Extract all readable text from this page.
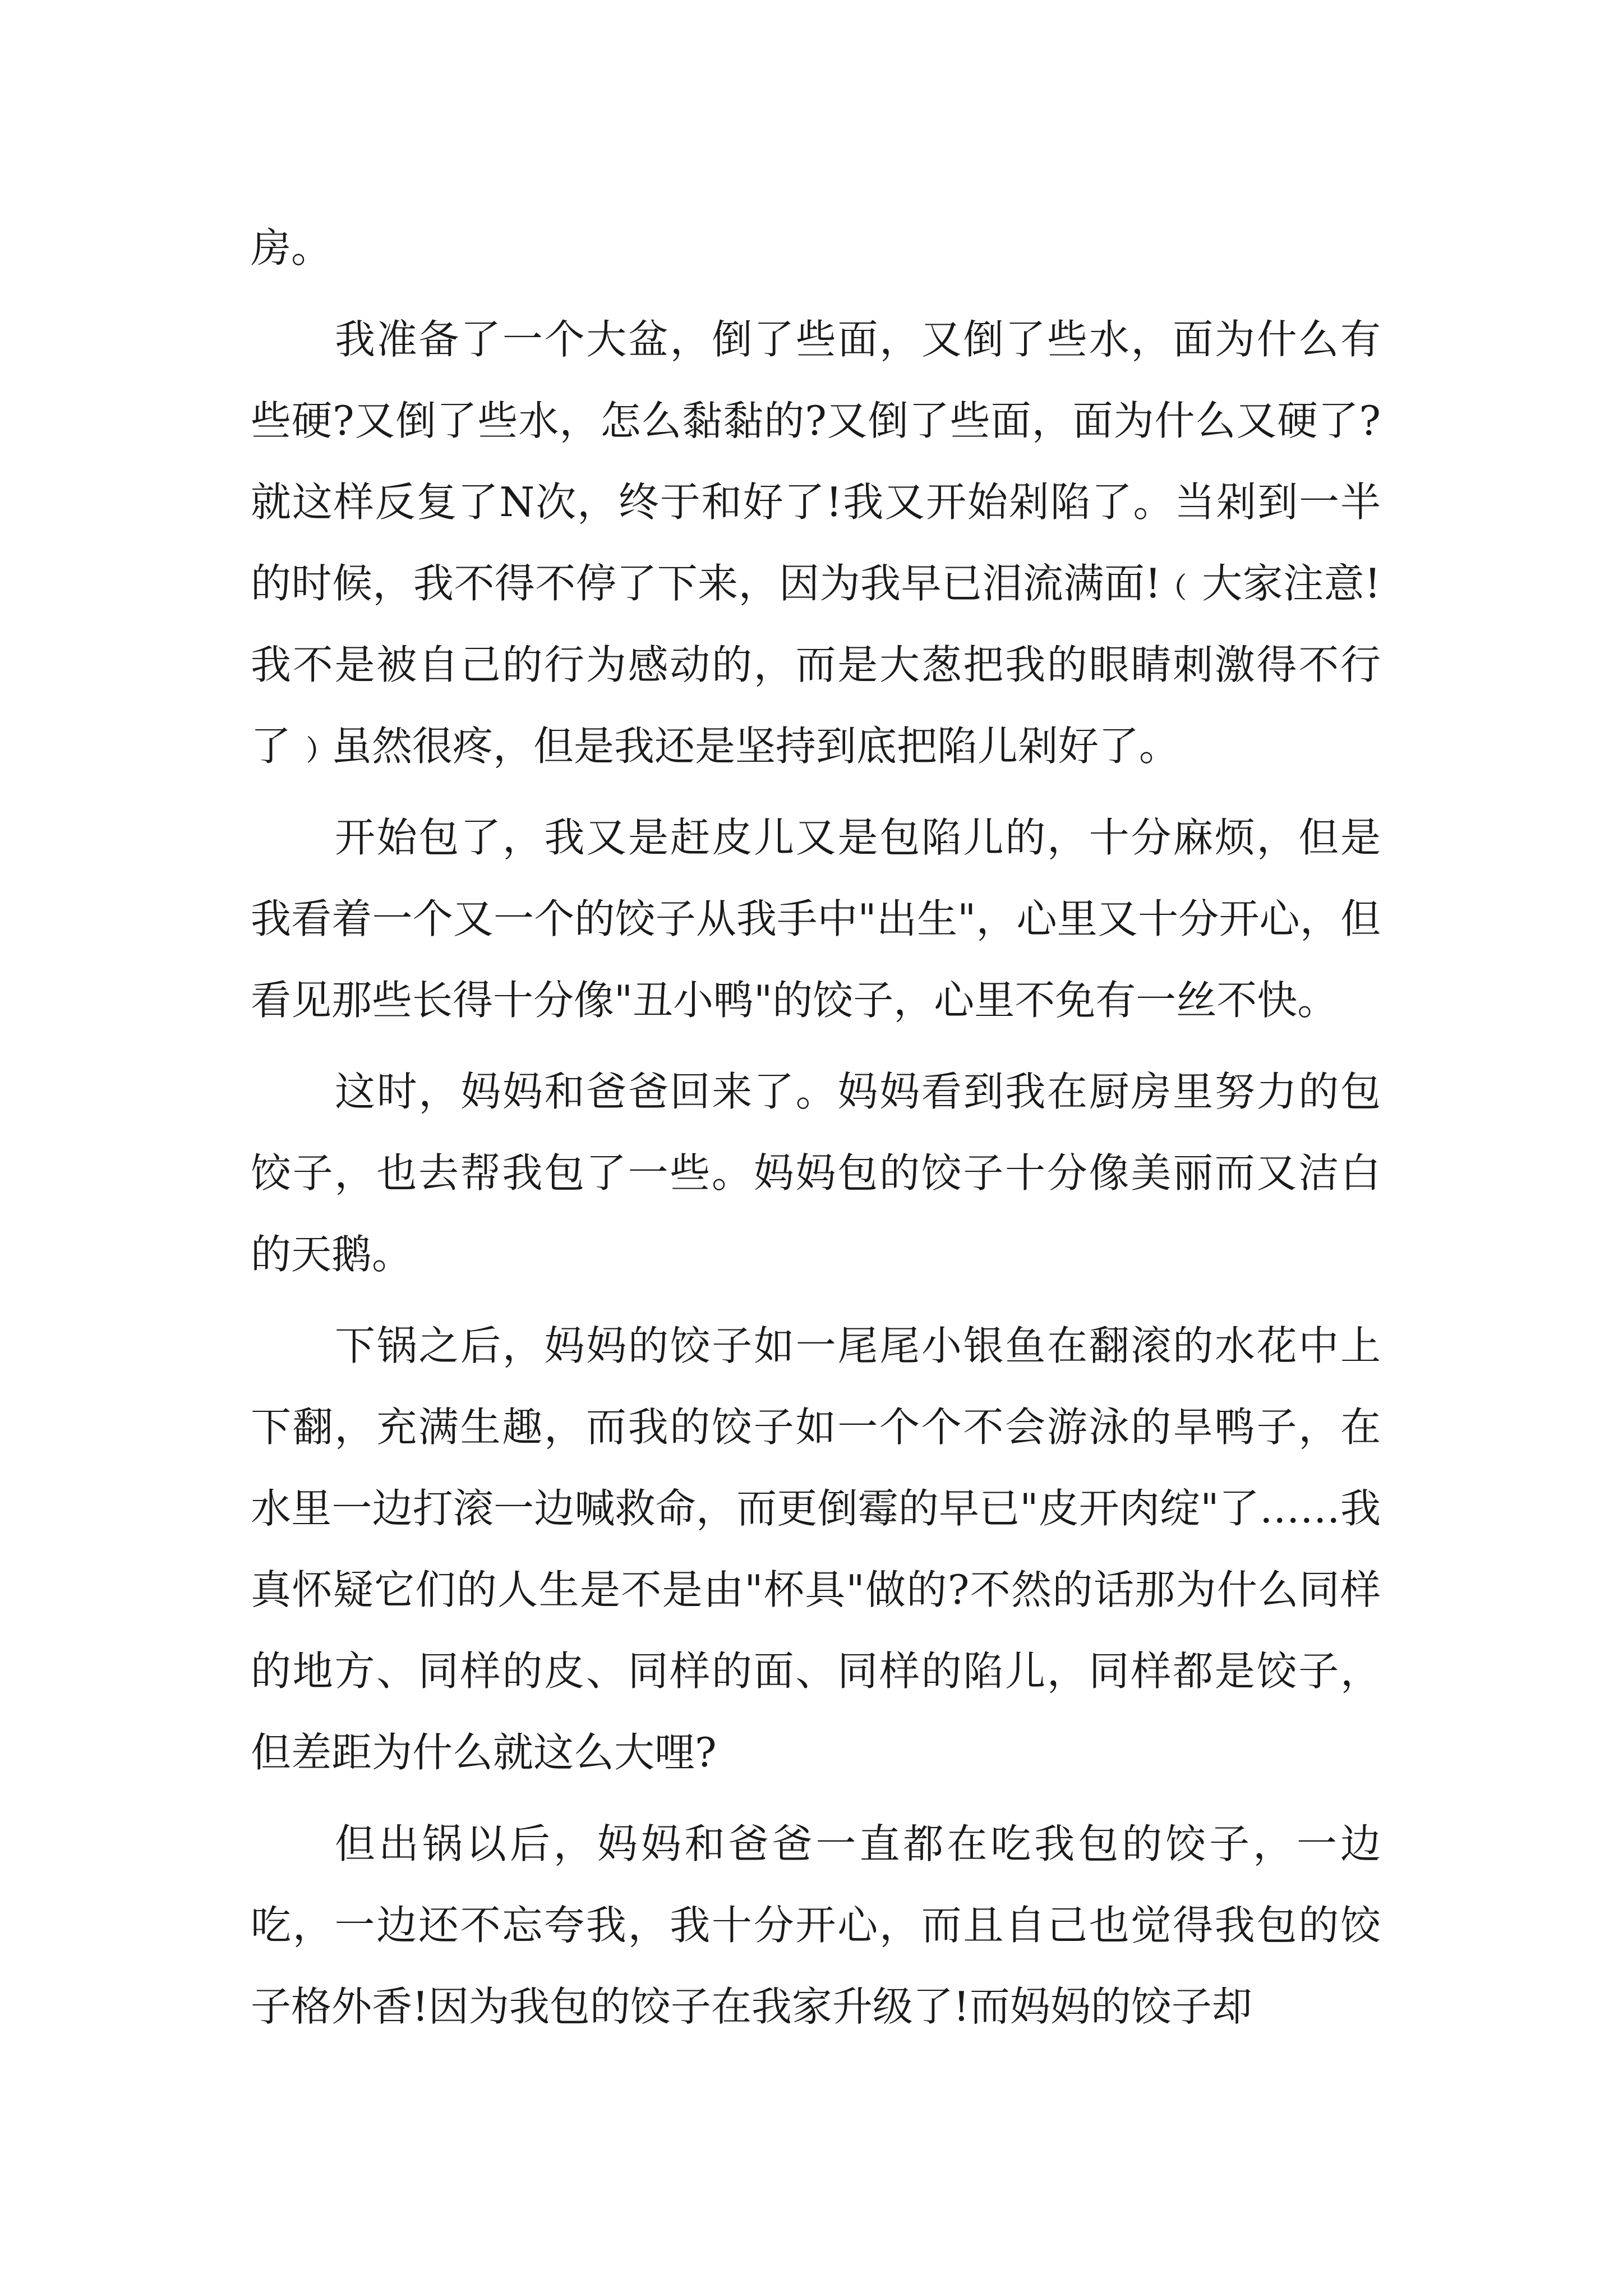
房。

我准备了一个大盆，倒了些面，又倒了些水，面为什么有些硬?又倒了些水，怎么黏黏的?又倒了些面，面为什么又硬了?就这样反复了N次，终于和好了!我又开始剁陷了。当剁到一半的时候，我不得不停了下来，因为我早已泪流满面!﹙大家注意!我不是被自己的行为感动的，而是大葱把我的眼睛刺激得不行了﹚虽然很疼，但是我还是坚持到底把陷儿剁好了。

开始包了，我又是赶皮儿又是包陷儿的，十分麻烦，但是我看着一个又一个的饺子从我手中"出生"，心里又十分开心，但看见那些长得十分像"丑小鸭"的饺子，心里不免有一丝不快。

这时，妈妈和爸爸回来了。妈妈看到我在厨房里努力的包饺子，也去帮我包了一些。妈妈包的饺子十分像美丽而又洁白的天鹅。

下锅之后，妈妈的饺子如一尾尾小银鱼在翻滚的水花中上下翻，充满生趣，而我的饺子如一个个不会游泳的旱鸭子，在水里一边打滚一边喊救命，而更倒霉的早已"皮开肉绽"了……我真怀疑它们的人生是不是由"杯具"做的?不然的话那为什么同样的地方、同样的皮、同样的面、同样的陷儿，同样都是饺子，但差距为什么就这么大哩?

但出锅以后，妈妈和爸爸一直都在吃我包的饺子，一边吃，一边还不忘夸我，我十分开心，而且自己也觉得我包的饺子格外香!因为我包的饺子在我家升级了!而妈妈的饺子却
